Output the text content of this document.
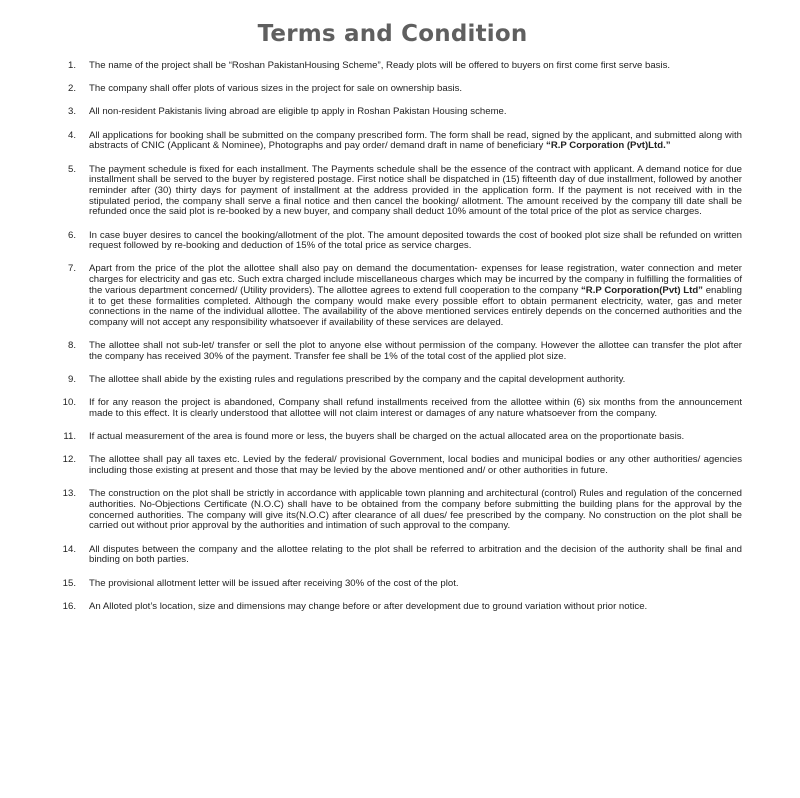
Terms and Condition
1. The name of the project shall be “Roshan PakistanHousing Scheme”, Ready plots will be offered to buyers on first come first serve basis.
2. The company shall offer plots of various sizes in the project for sale on ownership basis.
3. All non-resident Pakistanis living abroad are eligible tp apply in Roshan Pakistan Housing scheme.
4. All applications for booking shall be submitted on the company prescribed form. The form shall be read, signed by the applicant, and submitted along with abstracts of CNIC (Applicant & Nominee), Photographs and pay order/ demand draft in name of beneficiary “R.P Corporation (Pvt)Ltd.”
5. The payment schedule is fixed for each installment. The Payments schedule shall be the essence of the contract with applicant. A demand notice for due installment shall be served to the buyer by registered postage. First notice shall be dispatched in (15) fifteenth day of due installment, followed by another reminder after (30) thirty days for payment of installment at the address provided in the application form. If the payment is not received with in the stipulated period, the company shall serve a final notice and then cancel the booking/ allotment. The amount received by the company till date shall be refunded once the said plot is re-booked by a new buyer, and company shall deduct 10% amount of the total price of the plot as service charges.
6. In case buyer desires to cancel the booking/allotment of the plot. The amount deposited towards the cost of booked plot size shall be refunded on written request followed by re-booking and deduction of 15% of the total price as service charges.
7. Apart from the price of the plot the allottee shall also pay on demand the documentation- expenses for lease registration, water connection and meter charges for electricity and gas etc. Such extra charged include miscellaneous charges which may be incurred by the company in fulfilling the formalities of the various department concerned/ (Utility providers). The allottee agrees to extend full cooperation to the company “R.P Corporation(Pvt) Ltd” enabling it to get these formalities completed. Although the company would make every possible effort to obtain permanent electricity, water, gas and meter connections in the name of the individual allottee. The availability of the above mentioned services entirely depends on the concerned authorities and the company will not accept any responsibility whatsoever if availability of these services are delayed.
8. The allottee shall not sub-let/ transfer or sell the plot to anyone else without permission of the company. However the allottee can transfer the plot after the company has received 30% of the payment. Transfer fee shall be 1% of the total cost of the applied plot size.
9. The allottee shall abide by the existing rules and regulations prescribed by the company and the capital development authority.
10. If for any reason the project is abandoned, Company shall refund installments received from the allottee within (6) six months from the announcement made to this effect. It is clearly understood that allottee will not claim interest or damages of any nature whatsoever from the company.
11. If actual measurement of the area is found more or less, the buyers shall be charged on the actual allocated area on the proportionate basis.
12. The allottee shall pay all taxes etc. Levied by the federal/ provisional Government, local bodies and municipal bodies or any other authorities/ agencies including those existing at present and those that may be levied by the above mentioned and/ or other authorities in future.
13. The construction on the plot shall be strictly in accordance with applicable town planning and architectural (control) Rules and regulation of the concerned authorities. No-Objections Certificate (N.O.C) shall have to be obtained from the company before submitting the building plans for the approval by the concerned authorities. The company will give its(N.O.C) after clearance of all dues/ fee prescribed by the company. No construction on the plot shall be carried out without prior approval by the authorities and intimation of such approval to the company.
14. All disputes between the company and the allottee relating to the plot shall be referred to arbitration and the decision of the authority shall be final and binding on both parties.
15. The provisional allotment letter will be issued after receiving 30% of the cost of the plot.
16. An Alloted plot’s location, size and dimensions may change before or after development due to ground variation without prior notice.
